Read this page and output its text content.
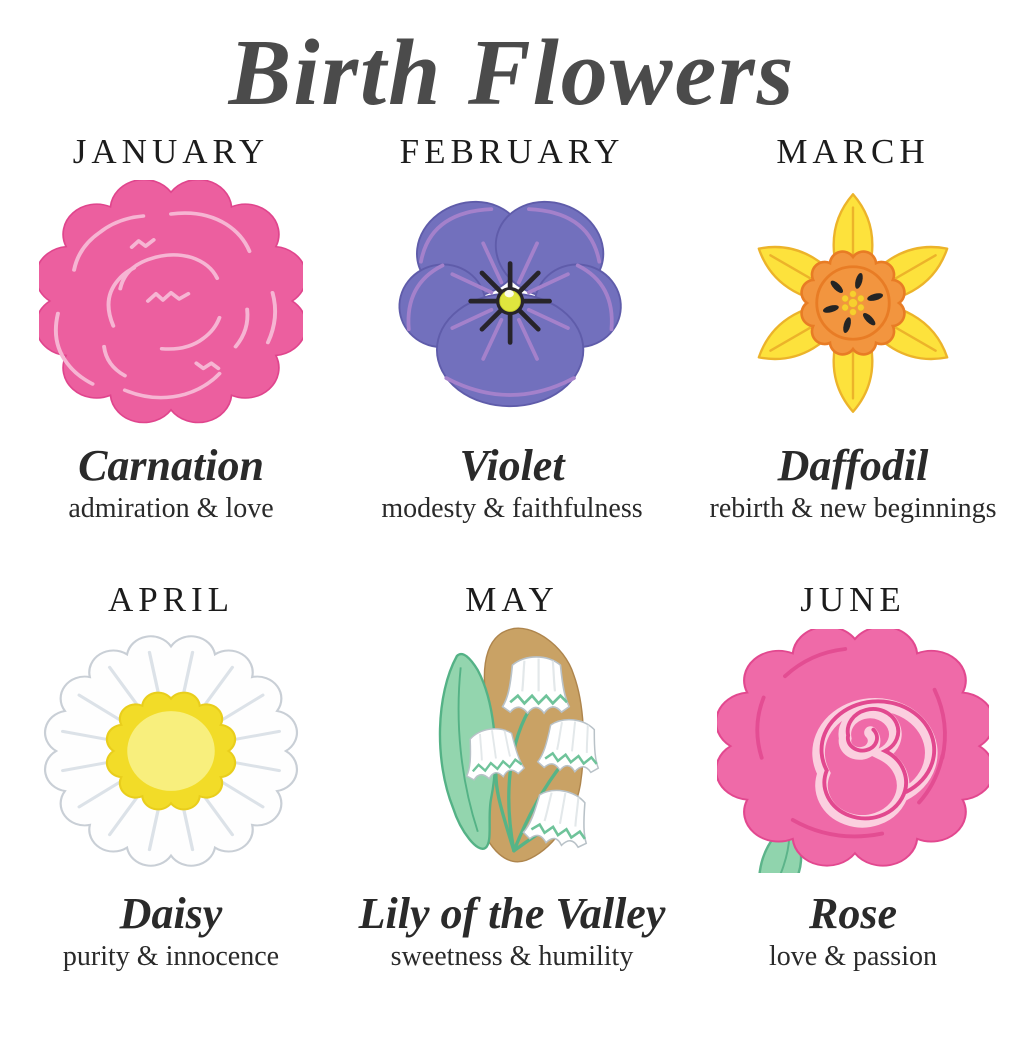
Birth Flowers
JANUARY
Carnation
admiration & love
FEBRUARY
Violet
modesty & faithfulness
MARCH
Daffodil
rebirth & new beginnings
APRIL
Daisy
purity & innocence
MAY
Lily of the Valley
sweetness & humility
JUNE
Rose
love & passion
